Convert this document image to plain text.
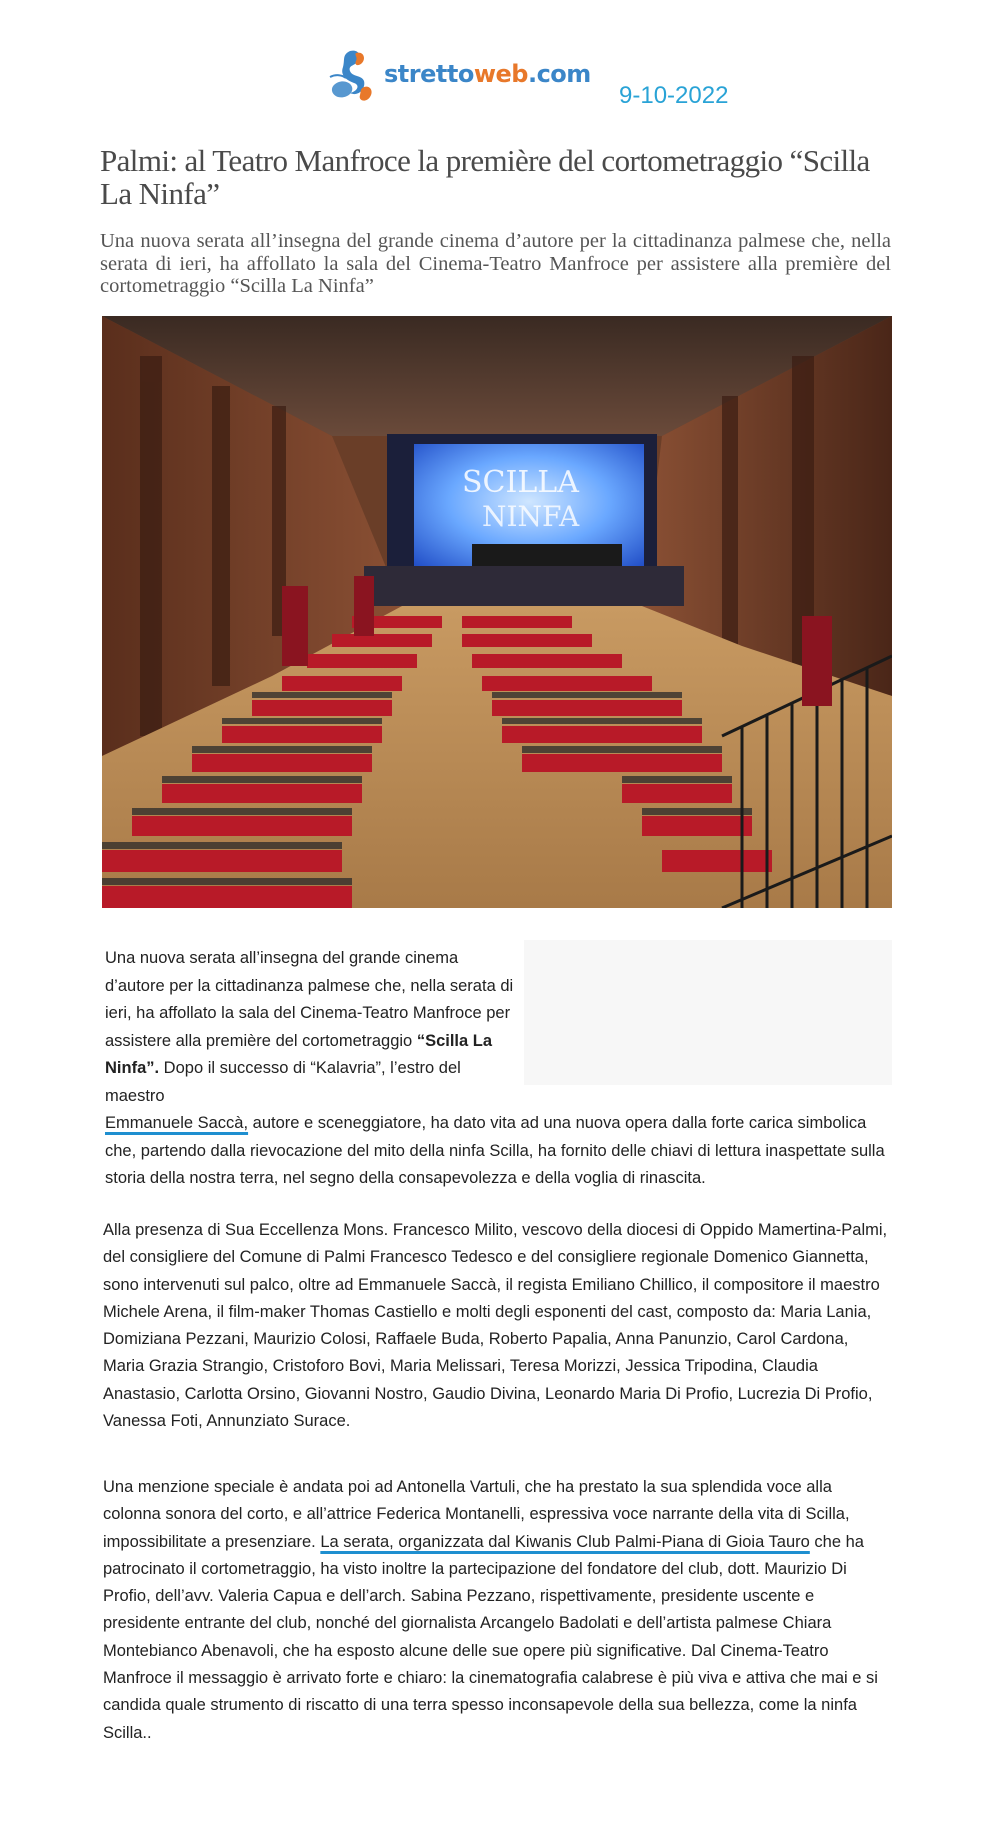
strettoweb.com
9-10-2022
Palmi: al Teatro Manfroce la première del cortometraggio “Scilla La Ninfa”

Una nuova serata all’insegna del grande cinema d’autore per la cittadinanza palmese che, nella serata di ieri, ha affollato la sala del Cinema-Teatro Manfroce per assistere alla première del cortometraggio “Scilla La Ninfa”

SCILLA
NINFA

Una nuova serata all’insegna del grande cinema d’autore per la cittadinanza palmese che, nella serata di ieri, ha affollato la sala del Cinema-Teatro Manfroce per assistere alla première del cortometraggio “Scilla La Ninfa”. Dopo il successo di “Kalavria”, l’estro del maestro
Emmanuele Saccà, autore e sceneggiatore, ha dato vita ad una nuova opera dalla forte carica simbolica che, partendo dalla rievocazione del mito della ninfa Scilla, ha fornito delle chiavi di lettura inaspettate sulla storia della nostra terra, nel segno della consapevolezza e della voglia di rinascita.

Alla presenza di Sua Eccellenza Mons. Francesco Milito, vescovo della diocesi di Oppido Mamertina-Palmi, del consigliere del Comune di Palmi Francesco Tedesco e del consigliere regionale Domenico Giannetta, sono intervenuti sul palco, oltre ad Emmanuele Saccà, il regista Emiliano Chillico, il compositore il maestro Michele Arena, il film-maker Thomas Castiello e molti degli esponenti del cast, composto da: Maria Lania, Domiziana Pezzani, Maurizio Colosi, Raffaele Buda, Roberto Papalia, Anna Panunzio, Carol Cardona, Maria Grazia Strangio, Cristoforo Bovi, Maria Melissari, Teresa Morizzi, Jessica Tripodina, Claudia Anastasio, Carlotta Orsino, Giovanni Nostro, Gaudio Divina, Leonardo Maria Di Profio, Lucrezia Di Profio, Vanessa Foti, Annunziato Surace.

Una menzione speciale è andata poi ad Antonella Vartuli, che ha prestato la sua splendida voce alla colonna sonora del corto, e all’attrice Federica Montanelli, espressiva voce narrante della vita di Scilla, impossibilitate a presenziare. La serata, organizzata dal Kiwanis Club Palmi-Piana di Gioia Tauro che ha patrocinato il cortometraggio, ha visto inoltre la partecipazione del fondatore del club, dott. Maurizio Di Profio, dell’avv. Valeria Capua e dell’arch. Sabina Pezzano, rispettivamente, presidente uscente e presidente entrante del club, nonché del giornalista Arcangelo Badolati e dell’artista palmese Chiara Montebianco Abenavoli, che ha esposto alcune delle sue opere più significative. Dal Cinema-Teatro Manfroce il messaggio è arrivato forte e chiaro: la cinematografia calabrese è più viva e attiva che mai e si candida quale strumento di riscatto di una terra spesso inconsapevole della sua bellezza, come la ninfa Scilla..
